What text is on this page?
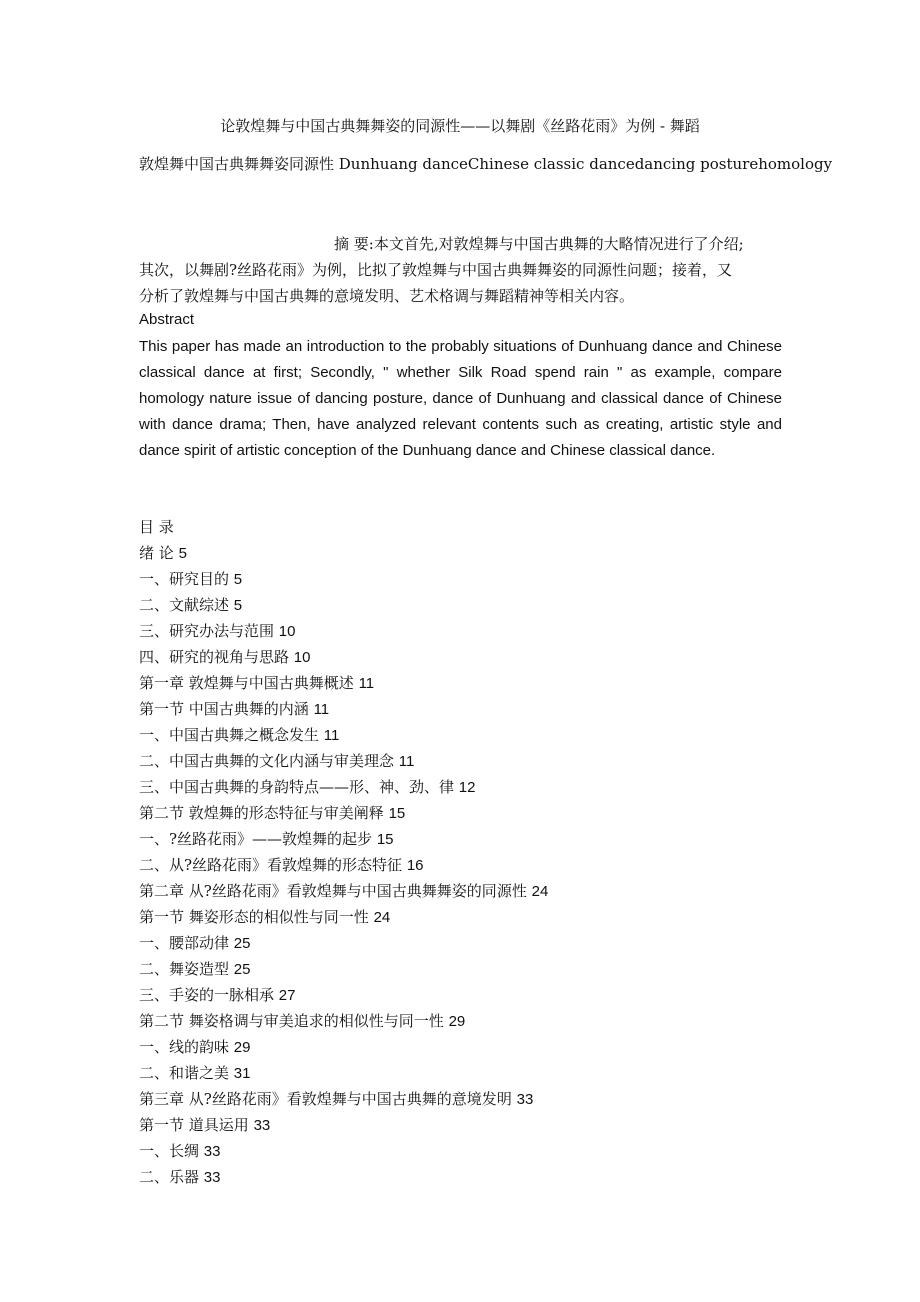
论敦煌舞与中国古典舞舞姿的同源性——以舞剧《丝路花雨》为例 - 舞蹈
敦煌舞中国古典舞舞姿同源性 Dunhuang danceChinese classic dancedancing posturehomology
摘 要:本文首先,对敦煌舞与中国古典舞的大略情况进行了介绍;
其次，以舞剧?丝路花雨》为例，比拟了敦煌舞与中国古典舞舞姿的同源性问题；接着，又
分析了敦煌舞与中国古典舞的意境发明、艺术格调与舞蹈精神等相关内容。
Abstract
This paper has made an introduction to the probably situations of Dunhuang dance and Chinese classical dance at first; Secondly, " whether Silk Road spend rain " as example, compare homology nature issue of dancing posture, dance of Dunhuang and classical dance of Chinese with dance drama; Then, have analyzed relevant contents such as creating, artistic style and dance spirit of artistic conception of the Dunhuang dance and Chinese classical dance.
目 录
绪 论 5
一、研究目的 5
二、文献综述 5
三、研究办法与范围 10
四、研究的视角与思路 10
第一章 敦煌舞与中国古典舞概述 11
第一节 中国古典舞的内涵 11
一、中国古典舞之概念发生 11
二、中国古典舞的文化内涵与审美理念 11
三、中国古典舞的身韵特点——形、神、劲、律 12
第二节 敦煌舞的形态特征与审美阐释 15
一、?丝路花雨》——敦煌舞的起步 15
二、从?丝路花雨》看敦煌舞的形态特征 16
第二章 从?丝路花雨》看敦煌舞与中国古典舞舞姿的同源性 24
第一节 舞姿形态的相似性与同一性 24
一、腰部动律 25
二、舞姿造型 25
三、手姿的一脉相承 27
第二节 舞姿格调与审美追求的相似性与同一性 29
一、线的韵味 29
二、和谐之美 31
第三章 从?丝路花雨》看敦煌舞与中国古典舞的意境发明 33
第一节 道具运用 33
一、长绸 33
二、乐器 33
